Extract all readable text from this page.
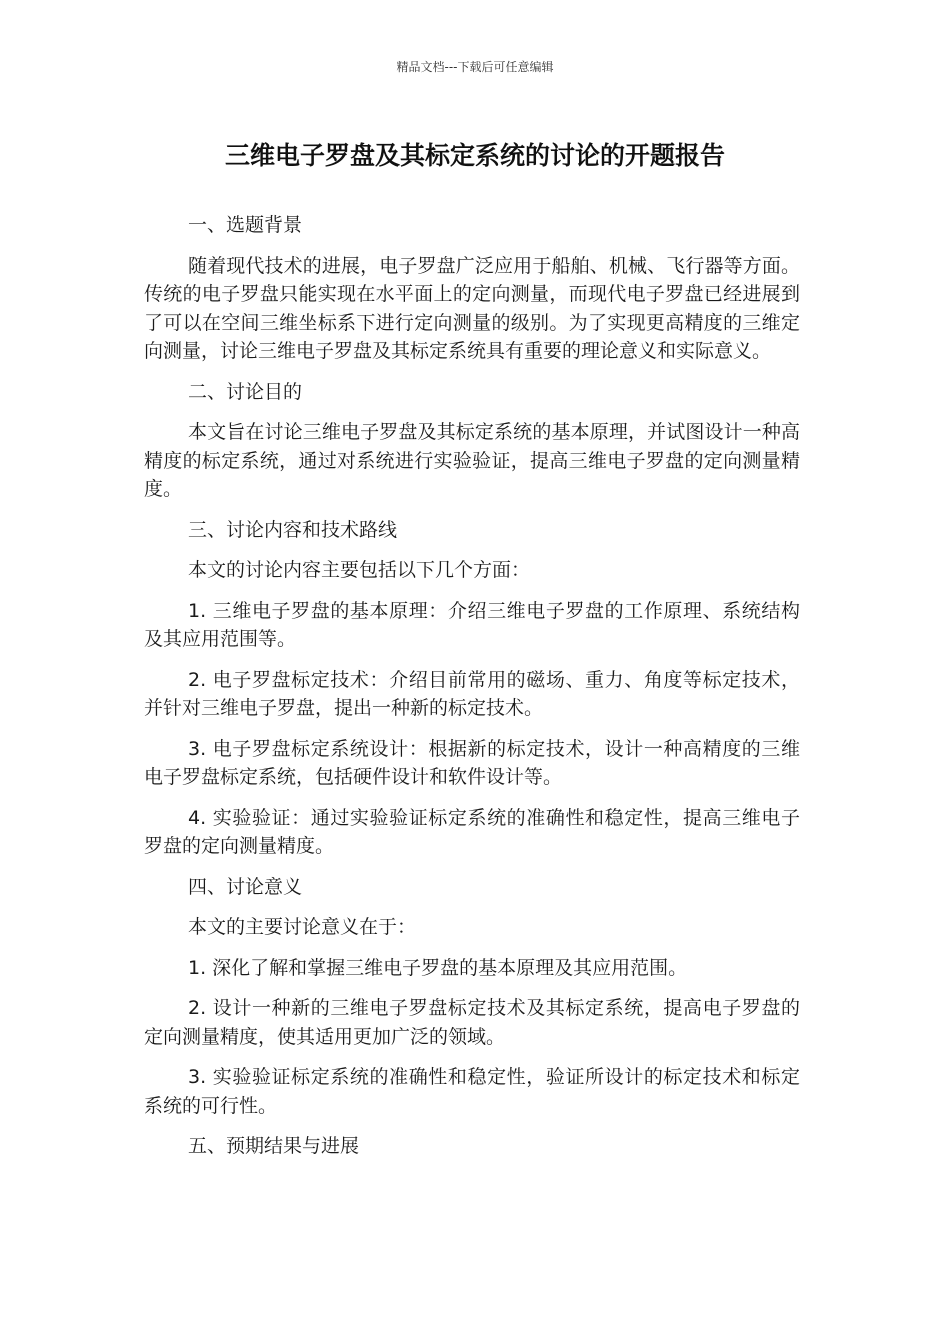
精品文档---下载后可任意编辑
三维电子罗盘及其标定系统的讨论的开题报告

一、选题背景

随着现代技术的进展，电子罗盘广泛应用于船舶、机械、飞行器等方面。传统的电子罗盘只能实现在水平面上的定向测量，而现代电子罗盘已经进展到了可以在空间三维坐标系下进行定向测量的级别。为了实现更高精度的三维定向测量，讨论三维电子罗盘及其标定系统具有重要的理论意义和实际意义。

二、讨论目的

本文旨在讨论三维电子罗盘及其标定系统的基本原理，并试图设计一种高精度的标定系统，通过对系统进行实验验证，提高三维电子罗盘的定向测量精度。

三、讨论内容和技术路线

本文的讨论内容主要包括以下几个方面：

1. 三维电子罗盘的基本原理：介绍三维电子罗盘的工作原理、系统结构及其应用范围等。

2. 电子罗盘标定技术：介绍目前常用的磁场、重力、角度等标定技术，并针对三维电子罗盘，提出一种新的标定技术。

3. 电子罗盘标定系统设计：根据新的标定技术，设计一种高精度的三维电子罗盘标定系统，包括硬件设计和软件设计等。

4. 实验验证：通过实验验证标定系统的准确性和稳定性，提高三维电子罗盘的定向测量精度。

四、讨论意义

本文的主要讨论意义在于：

1. 深化了解和掌握三维电子罗盘的基本原理及其应用范围。

2. 设计一种新的三维电子罗盘标定技术及其标定系统，提高电子罗盘的定向测量精度，使其适用更加广泛的领域。

3. 实验验证标定系统的准确性和稳定性，验证所设计的标定技术和标定系统的可行性。

五、预期结果与进展
